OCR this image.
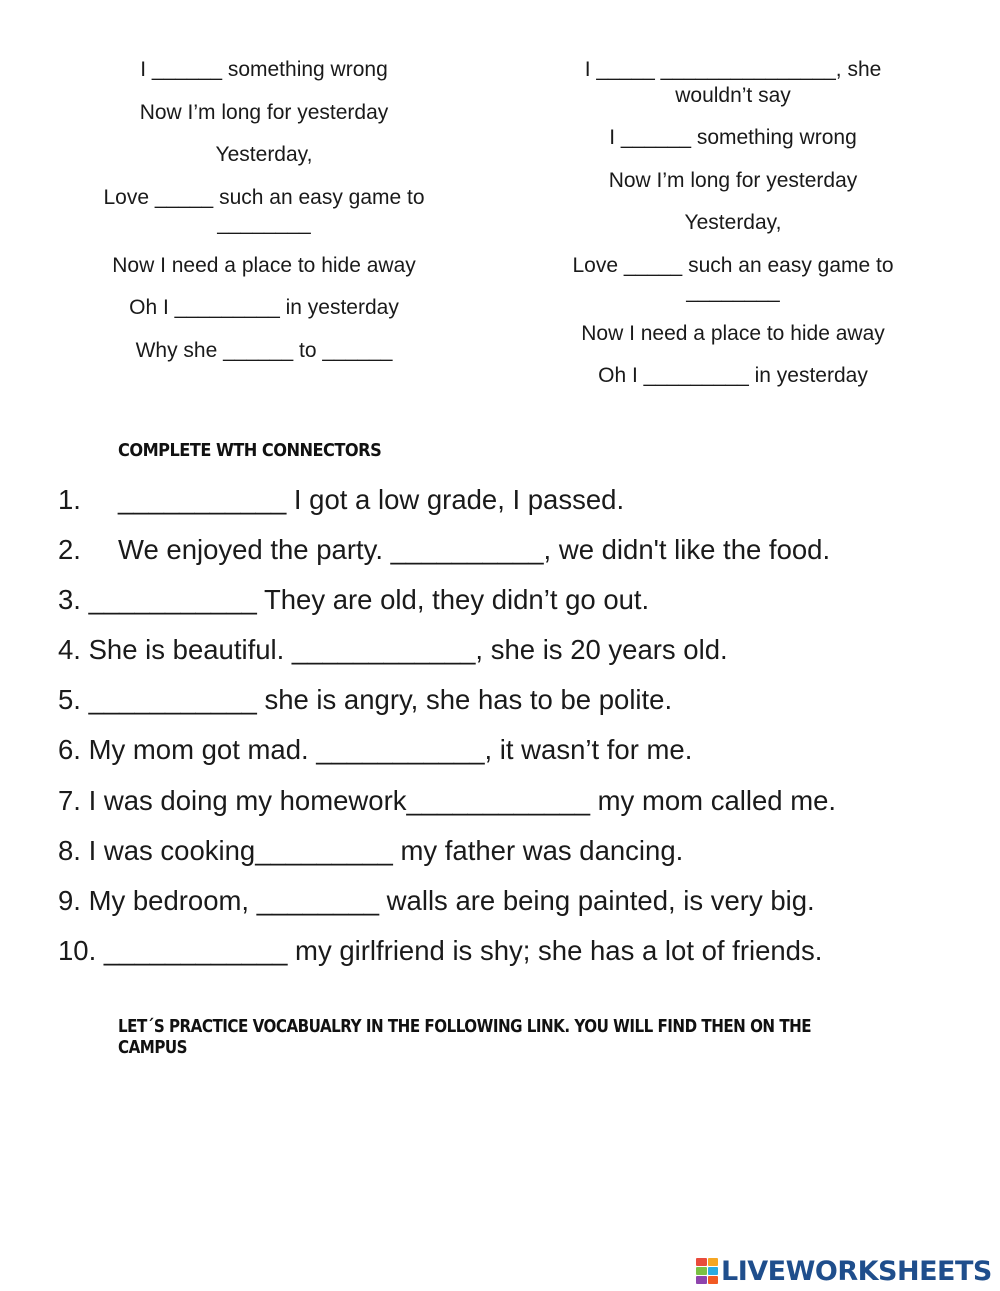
I ______ something wrong
Now I’m long for yesterday
Yesterday,
Love _____ such an easy game to ________
Now I need a place to hide away
Oh I _________ in yesterday
Why she ______ to ______
I _____ _______________, she wouldn’t say
I ______ something wrong
Now I’m long for yesterday
Yesterday,
Love _____ such an easy game to ________
Now I need a place to hide away
Oh I _________ in yesterday
COMPLETE WTH CONNECTORS
1. ___________ I got a low grade, I passed.
2. We enjoyed the party. __________, we didn't like the food.
3. ___________ They are old, they didn’t go out.
4. She is beautiful. ____________, she is 20 years old.
5. ___________ she is angry, she has to be polite.
6. My mom got mad. ___________, it wasn’t for me.
7. I was doing my homework____________ my mom called me.
8. I was cooking_________ my father was dancing.
9. My bedroom, ________ walls are being painted, is very big.
10. ____________ my girlfriend is shy; she has a lot of friends.
LET´S PRACTICE VOCABUALRY IN THE FOLLOWING LINK. YOU WILL FIND THEN ON THE CAMPUS
LIVEWORKSHEETS
